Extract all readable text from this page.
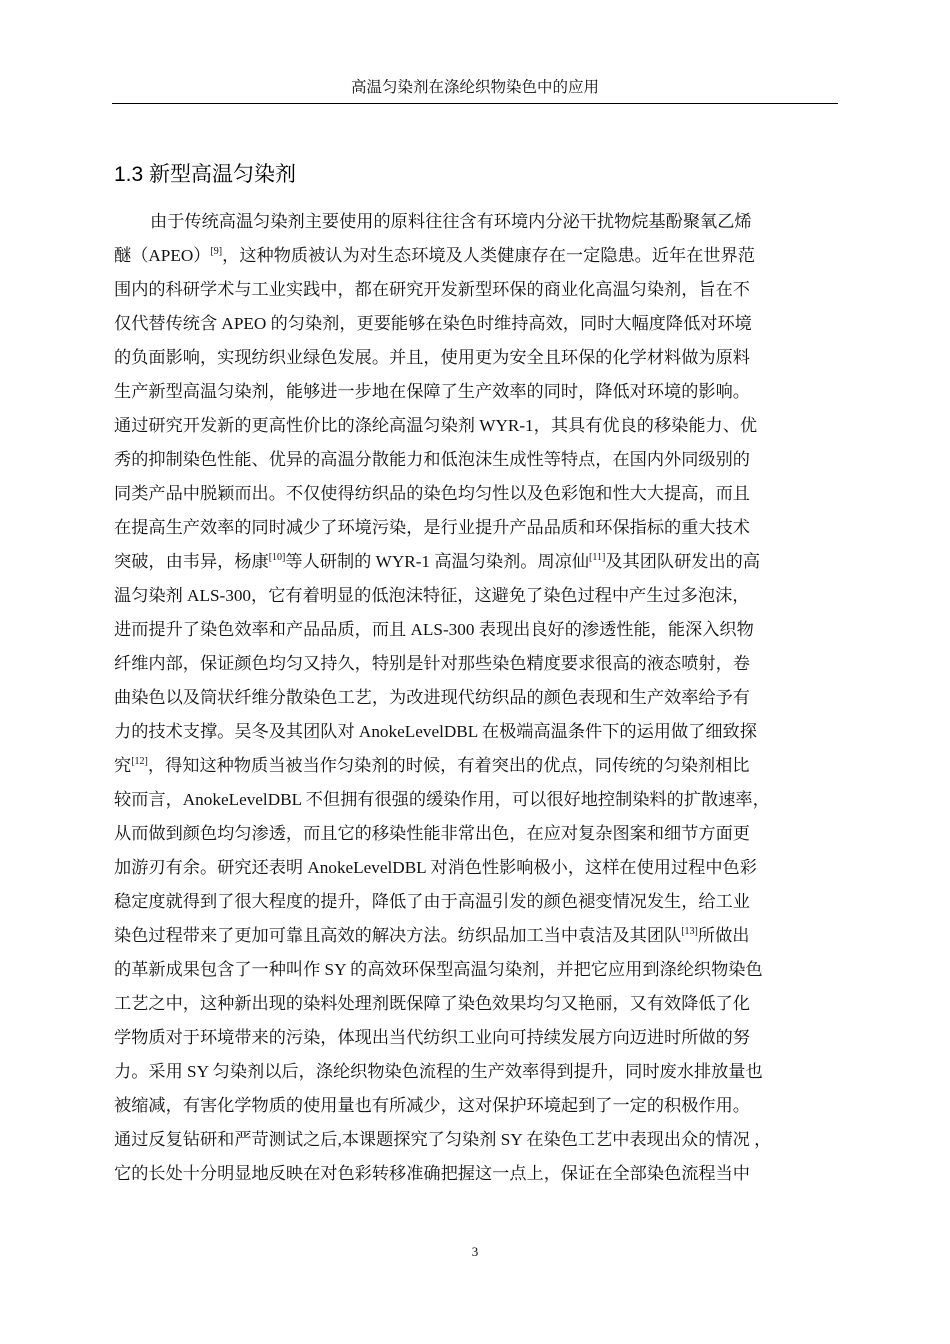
高温匀染剂在涤纶织物染色中的应用
1.3 新型高温匀染剂
由于传统高温匀染剂主要使用的原料往往含有环境内分泌干扰物烷基酚聚氧乙烯
醚（APEO）[9]，这种物质被认为对生态环境及人类健康存在一定隐患。近年在世界范
围内的科研学术与工业实践中，都在研究开发新型环保的商业化高温匀染剂，旨在不
仅代替传统含 APEO 的匀染剂，更要能够在染色时维持高效，同时大幅度降低对环境
的负面影响，实现纺织业绿色发展。并且，使用更为安全且环保的化学材料做为原料
生产新型高温匀染剂，能够进一步地在保障了生产效率的同时，降低对环境的影响。
通过研究开发新的更高性价比的涤纶高温匀染剂 WYR-1，其具有优良的移染能力、优
秀的抑制染色性能、优异的高温分散能力和低泡沫生成性等特点，在国内外同级别的
同类产品中脱颖而出。不仅使得纺织品的染色均匀性以及色彩饱和性大大提高，而且
在提高生产效率的同时减少了环境污染，是行业提升产品品质和环保指标的重大技术
突破，由韦异，杨康[10]等人研制的 WYR-1 高温匀染剂。周凉仙[11]及其团队研发出的高
温匀染剂 ALS-300，它有着明显的低泡沫特征，这避免了染色过程中产生过多泡沫，
进而提升了染色效率和产品品质，而且 ALS-300 表现出良好的渗透性能，能深入织物
纤维内部，保证颜色均匀又持久，特别是针对那些染色精度要求很高的液态喷射，卷
曲染色以及筒状纤维分散染色工艺，为改进现代纺织品的颜色表现和生产效率给予有
力的技术支撑。吴冬及其团队对 AnokeLevelDBL 在极端高温条件下的运用做了细致探
究[12]，得知这种物质当被当作匀染剂的时候，有着突出的优点，同传统的匀染剂相比
较而言，AnokeLevelDBL 不但拥有很强的缓染作用，可以很好地控制染料的扩散速率，
从而做到颜色均匀渗透，而且它的移染性能非常出色，在应对复杂图案和细节方面更
加游刃有余。研究还表明 AnokeLevelDBL 对消色性影响极小，这样在使用过程中色彩
稳定度就得到了很大程度的提升，降低了由于高温引发的颜色褪变情况发生，给工业
染色过程带来了更加可靠且高效的解决方法。纺织品加工当中袁洁及其团队[13]所做出
的革新成果包含了一种叫作 SY 的高效环保型高温匀染剂，并把它应用到涤纶织物染色
工艺之中，这种新出现的染料处理剂既保障了染色效果均匀又艳丽，又有效降低了化
学物质对于环境带来的污染，体现出当代纺织工业向可持续发展方向迈进时所做的努
力。采用 SY 匀染剂以后，涤纶织物染色流程的生产效率得到提升，同时废水排放量也
被缩减，有害化学物质的使用量也有所减少，这对保护环境起到了一定的积极作用。
通过反复钻研和严苛测试之后,本课题探究了匀染剂 SY 在染色工艺中表现出众的情况 ，
它的长处十分明显地反映在对色彩转移准确把握这一点上，保证在全部染色流程当中
3
